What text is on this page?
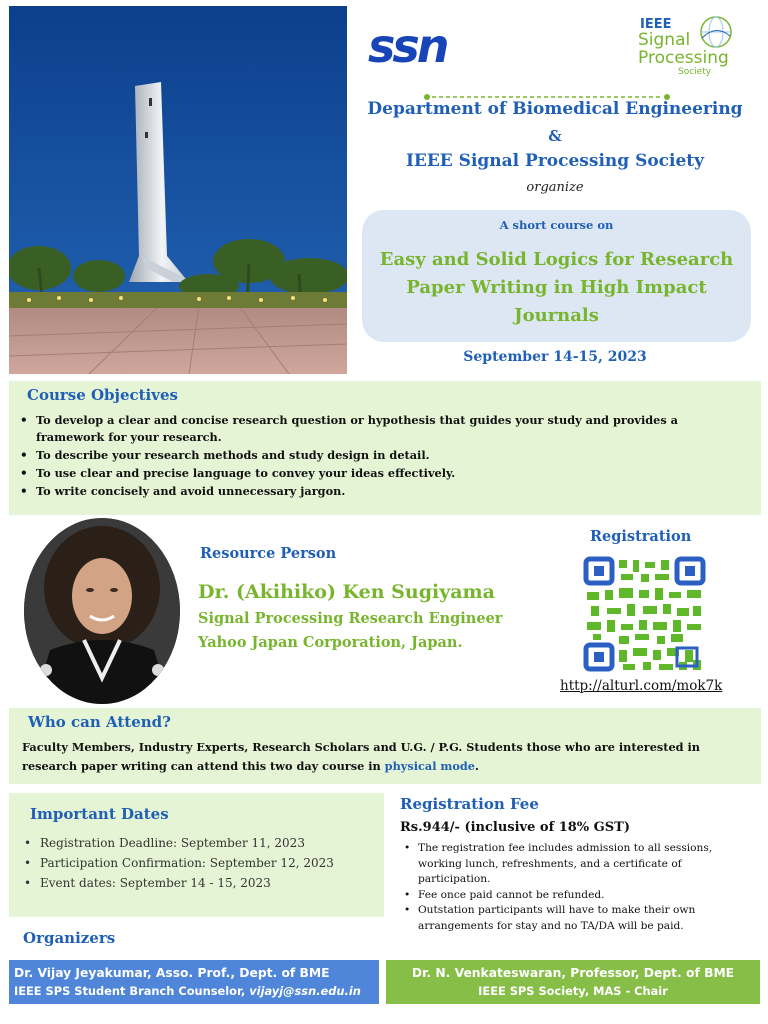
ssn	IEEE
Signal
Processing
Society
Department of Biomedical Engineering
&
IEEE Signal Processing Society
organize
A short course on
Easy and Solid Logics for Research Paper Writing in High Impact Journals
September 14-15, 2023
Course Objectives
• To develop a clear and concise research question or hypothesis that guides your study and provides a framework for your research.
• To describe your research methods and study design in detail.
• To use clear and precise language to convey your ideas effectively.
• To write concisely and avoid unnecessary jargon.
Resource Person
Dr. (Akihiko) Ken Sugiyama
Signal Processing Research Engineer
Yahoo Japan Corporation, Japan.
Registration
http://alturl.com/mok7k
Who can Attend?
Faculty Members, Industry Experts, Research Scholars and U.G. / P.G. Students those who are interested in research paper writing can attend this two day course in physical mode.
Important Dates
• Registration Deadline: September 11, 2023
• Participation Confirmation: September 12, 2023
• Event dates: September 14 - 15, 2023
Registration Fee
Rs.944/- (inclusive of 18% GST)
• The registration fee includes admission to all sessions, working lunch, refreshments, and a certificate of participation.
• Fee once paid cannot be refunded.
• Outstation participants will have to make their own arrangements for stay and no TA/DA will be paid.
Organizers
Dr. Vijay Jeyakumar, Asso. Prof., Dept. of BME
IEEE SPS Student Branch Counselor, vijayj@ssn.edu.in
Dr. N. Venkateswaran, Professor, Dept. of BME
IEEE SPS Society, MAS - Chair
